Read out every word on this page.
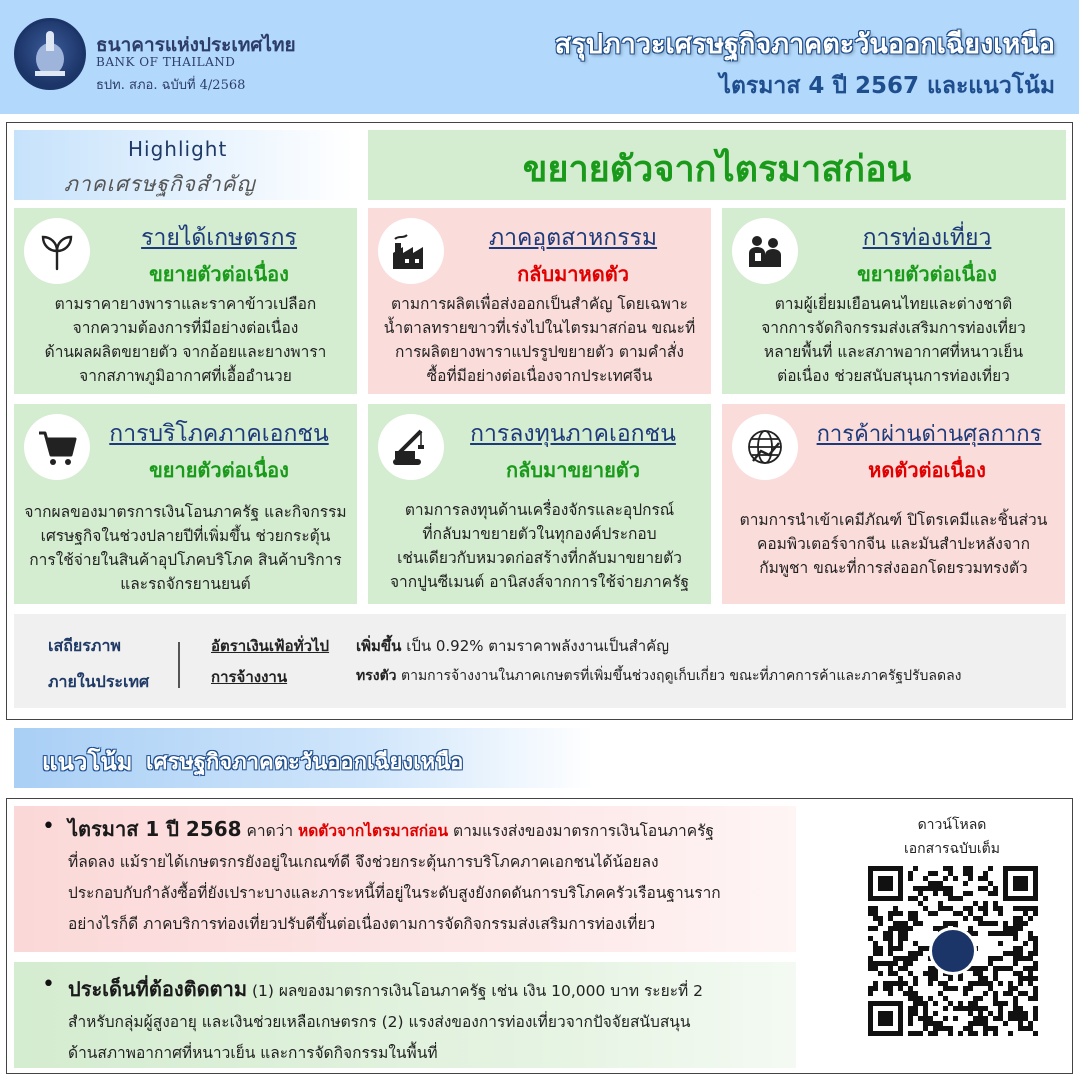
ธนาคารแห่งประเทศไทย
BANK OF THAILAND
ธปท. สภอ. ฉบับที่ 4/2568
สรุปภาวะเศรษฐกิจภาคตะวันออกเฉียงเหนือ
ไตรมาส 4 ปี 2567 และแนวโน้ม
Highlight
ภาคเศรษฐกิจสำคัญ	ขยายตัวจากไตรมาสก่อน
รายได้เกษตรกร
ขยายตัวต่อเนื่อง
ตามราคายางพาราและราคาข้าวเปลือก
จากความต้องการที่มีอย่างต่อเนื่อง
ด้านผลผลิตขยายตัว จากอ้อยและยางพารา
จากสภาพภูมิอากาศที่เอื้ออำนวย
ภาคอุตสาหกรรม
กลับมาหดตัว
ตามการผลิตเพื่อส่งออกเป็นสำคัญ โดยเฉพาะ
น้ำตาลทรายขาวที่เร่งไปในไตรมาสก่อน ขณะที่
การผลิตยางพาราแปรรูปขยายตัว ตามคำสั่ง
ซื้อที่มีอย่างต่อเนื่องจากประเทศจีน
การท่องเที่ยว
ขยายตัวต่อเนื่อง
ตามผู้เยี่ยมเยือนคนไทยและต่างชาติ
จากการจัดกิจกรรมส่งเสริมการท่องเที่ยว
หลายพื้นที่ และสภาพอากาศที่หนาวเย็น
ต่อเนื่อง ช่วยสนับสนุนการท่องเที่ยว
การบริโภคภาคเอกชน
ขยายตัวต่อเนื่อง
จากผลของมาตรการเงินโอนภาครัฐ และกิจกรรม
เศรษฐกิจในช่วงปลายปีที่เพิ่มขึ้น ช่วยกระตุ้น
การใช้จ่ายในสินค้าอุปโภคบริโภค สินค้าบริการ
และรถจักรยานยนต์
การลงทุนภาคเอกชน
กลับมาขยายตัว
ตามการลงทุนด้านเครื่องจักรและอุปกรณ์
ที่กลับมาขยายตัวในทุกองค์ประกอบ
เช่นเดียวกับหมวดก่อสร้างที่กลับมาขยายตัว
จากปูนซีเมนต์ อานิสงส์จากการใช้จ่ายภาครัฐ
การค้าผ่านด่านศุลกากร
หดตัวต่อเนื่อง
ตามการนำเข้าเคมีภัณฑ์ ปิโตรเคมีและชิ้นส่วน
คอมพิวเตอร์จากจีน และมันสำปะหลังจาก
กัมพูชา ขณะที่การส่งออกโดยรวมทรงตัว
เสถียรภาพ
ภายในประเทศ
อัตราเงินเฟ้อทั่วไป เพิ่มขึ้น เป็น 0.92% ตามราคาพลังงานเป็นสำคัญ
การจ้างงาน	ทรงตัว ตามการจ้างงานในภาคเกษตรที่เพิ่มขึ้นช่วงฤดูเก็บเกี่ยว ขณะที่ภาคการค้าและภาครัฐปรับลดลง
แนวโน้ม เศรษฐกิจภาคตะวันออกเฉียงเหนือ
• ไตรมาส 1 ปี 2568 คาดว่า หดตัวจากไตรมาสก่อน ตามแรงส่งของมาตรการเงินโอนภาครัฐ
ที่ลดลง แม้รายได้เกษตรกรยังอยู่ในเกณฑ์ดี จึงช่วยกระตุ้นการบริโภคภาคเอกชนได้น้อยลง
ประกอบกับกำลังซื้อที่ยังเปราะบางและภาระหนี้ที่อยู่ในระดับสูงยังกดดันการบริโภคครัวเรือนฐานราก
อย่างไรก็ดี ภาคบริการท่องเที่ยวปรับดีขึ้นต่อเนื่องตามการจัดกิจกรรมส่งเสริมการท่องเที่ยว
• ประเด็นที่ต้องติดตาม (1) ผลของมาตรการเงินโอนภาครัฐ เช่น เงิน 10,000 บาท ระยะที่ 2
สำหรับกลุ่มผู้สูงอายุ และเงินช่วยเหลือเกษตรกร (2) แรงส่งของการท่องเที่ยวจากปัจจัยสนับสนุน
ด้านสภาพอากาศที่หนาวเย็น และการจัดกิจกรรมในพื้นที่
ดาวน์โหลด
เอกสารฉบับเต็ม
